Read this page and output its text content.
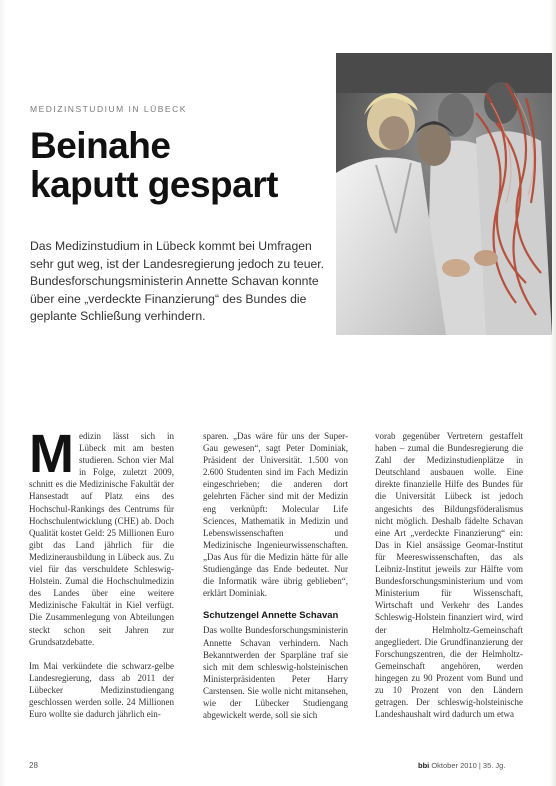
MEDIZINSTUDIUM IN LÜBECK
Beinahe
kaputt gespart
Das Medizinstudium in Lübeck kommt bei Umfragen sehr gut weg, ist der Landesregierung jedoch zu teuer. Bundesforschungsministerin Annette Schavan konnte über eine „verdeckte Finanzierung“ des Bundes die geplante Schließung verhindern.

Medizin lässt sich in Lübeck mit am besten studieren. Schon vier Mal in Folge, zuletzt 2009, schnitt es die Medizinische Fakultät der Hansestadt auf Platz eins des Hochschul-Rankings des Centrums für Hochschulentwicklung (CHE) ab. Doch Qualität kostet Geld: 25 Millionen Euro gibt das Land jährlich für die Medizinerausbildung in Lübeck aus. Zu viel für das verschuldete Schleswig-Holstein. Zumal die Hochschulmedizin des Landes über eine weitere Medizinische Fakultät in Kiel verfügt. Die Zusammenlegung von Abteilungen steckt schon seit Jahren zur Grundsatzdebatte.

Im Mai verkündete die schwarz-gelbe Landesregierung, dass ab 2011 der Lübecker Medizinstudiengang geschlossen werden solle. 24 Millionen Euro wollte sie dadurch jährlich ein-

sparen. „Das wäre für uns der Super-Gau gewesen“, sagt Peter Dominiak, Präsident der Universität. 1.500 von 2.600 Studenten sind im Fach Medizin eingeschrieben; die anderen dort gelehrten Fächer sind mit der Medizin eng verknüpft: Molecular Life Sciences, Mathematik in Medizin und Lebenswissenschaften und Medizinische Ingenieurwissenschaften. „Das Aus für die Medizin hätte für alle Studiengänge das Ende bedeutet. Nur die Informatik wäre übrig geblieben“, erklärt Dominiak.

Schutzengel Annette Schavan

Das wollte Bundesforschungsministerin Annette Schavan verhindern. Nach Bekanntwerden der Sparpläne traf sie sich mit dem schleswig-holsteinischen Ministerpräsidenten Peter Harry Carstensen. Sie wolle nicht mitansehen, wie der Lübecker Studiengang abgewickelt werde, soll sie sich

vorab gegenüber Vertretern gestaffelt haben – zumal die Bundesregierung die Zahl der Medizinstudienplätze in Deutschland ausbauen wolle. Eine direkte finanzielle Hilfe des Bundes für die Universität Lübeck ist jedoch angesichts des Bildungsföderalismus nicht möglich. Deshalb fädelte Schavan eine Art „verdeckte Finanzierung“ ein: Das in Kiel ansässige Geomar-Institut für Meereswissenschaften, das als Leibniz-Institut jeweils zur Hälfte vom Bundesforschungsministerium und vom Ministerium für Wissenschaft, Wirtschaft und Verkehr des Landes Schleswig-Holstein finanziert wird, wird der Helmholtz-Gemeinschaft angegliedert. Die Grundfinanzierung der Forschungszentren, die der Helmholtz-Gemeinschaft angehören, werden hingegen zu 90 Prozent vom Bund und zu 10 Prozent von den Ländern getragen. Der schleswig-holsteinische Landeshaushalt wird dadurch um etwa

28	bbi Oktober 2010 | 35. Jg.
